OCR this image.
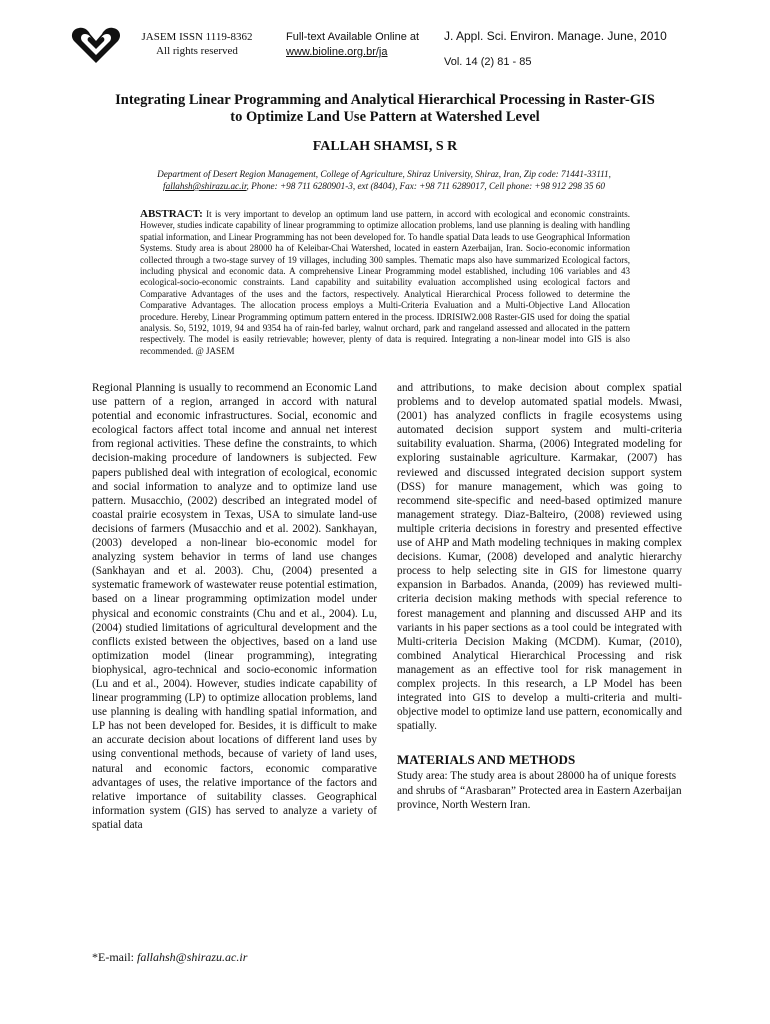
JASEM ISSN 1119-8362
All rights reserved
Full-text Available Online at
www.bioline.org.br/ja
J. Appl. Sci. Environ. Manage. June, 2010
Vol. 14 (2) 81 - 85
Integrating Linear Programming and Analytical Hierarchical Processing in Raster-GIS
to Optimize Land Use Pattern at Watershed Level
FALLAH SHAMSI, S R
Department of Desert Region Management, College of Agriculture, Shiraz University, Shiraz, Iran, Zip code: 71441-33111,
fallahsh@shirazu.ac.ir, Phone: +98 711 6280901-3, ext (8404), Fax: +98 711 6289017, Cell phone: +98 912 298 35 60
ABSTRACT: It is very important to develop an optimum land use pattern, in accord with ecological and economic constraints. However, studies indicate capability of linear programming to optimize allocation problems, land use planning is dealing with handling spatial information, and Linear Programming has not been developed for. To handle spatial Data leads to use Geographical Information Systems. Study area is about 28000 ha of Keleibar-Chai Watershed, located in eastern Azerbaijan, Iran. Socio-economic information collected through a two-stage survey of 19 villages, including 300 samples. Thematic maps also have summarized Ecological factors, including physical and economic data. A comprehensive Linear Programming model established, including 106 variables and 43 ecological-socio-economic constraints. Land capability and suitability evaluation accomplished using ecological factors and Comparative Advantages of the uses and the factors, respectively. Analytical Hierarchical Process followed to determine the Comparative Advantages. The allocation process employs a Multi-Criteria Evaluation and a Multi-Objective Land Allocation procedure. Hereby, Linear Programming optimum pattern entered in the process. IDRISIW2.008 Raster-GIS used for doing the spatial analysis. So, 5192, 1019, 94 and 9354 ha of rain-fed barley, walnut orchard, park and rangeland assessed and allocated in the pattern respectively. The model is easily retrievable; however, plenty of data is required. Integrating a non-linear model into GIS is also recommended. @ JASEM

Regional Planning is usually to recommend an Economic Land use pattern of a region, arranged in accord with natural potential and economic infrastructures. Social, economic and ecological factors affect total income and annual net interest from regional activities. These define the constraints, to which decision-making procedure of landowners is subjected. Few papers published deal with integration of ecological, economic and social information to analyze and to optimize land use pattern. Musacchio, (2002) described an integrated model of coastal prairie ecosystem in Texas, USA to simulate land-use decisions of farmers (Musacchio and et al. 2002). Sankhayan, (2003) developed a non-linear bio-economic model for analyzing system behavior in terms of land use changes (Sankhayan and et al. 2003). Chu, (2004) presented a systematic framework of wastewater reuse potential estimation, based on a linear programming optimization model under physical and economic constraints (Chu and et al., 2004). Lu, (2004) studied limitations of agricultural development and the conflicts existed between the objectives, based on a land use optimization model (linear programming), integrating biophysical, agro-technical and socio-economic information (Lu and et al., 2004). However, studies indicate capability of linear programming (LP) to optimize allocation problems, land use planning is dealing with handling spatial information, and LP has not been developed for. Besides, it is difficult to make an accurate decision about locations of different land uses by using conventional methods, because of variety of land uses, natural and economic factors, economic comparative advantages of uses, the relative importance of the factors and relative importance of suitability classes. Geographical information system (GIS) has served to analyze a variety of spatial data

and attributions, to make decision about complex spatial problems and to develop automated spatial models. Mwasi, (2001) has analyzed conflicts in fragile ecosystems using automated decision support system and multi-criteria suitability evaluation. Sharma, (2006) Integrated modeling for exploring sustainable agriculture. Karmakar, (2007) has reviewed and discussed integrated decision support system (DSS) for manure management, which was going to recommend site-specific and need-based optimized manure management strategy. Diaz-Balteiro, (2008) reviewed using multiple criteria decisions in forestry and presented effective use of AHP and Math modeling techniques in making complex decisions. Kumar, (2008) developed and analytic hierarchy process to help selecting site in GIS for limestone quarry expansion in Barbados. Ananda, (2009) has reviewed multi-criteria decision making methods with special reference to forest management and planning and discussed AHP and its variants in his paper sections as a tool could be integrated with Multi-criteria Decision Making (MCDM). Kumar, (2010), combined Analytical Hierarchical Processing and risk management as an effective tool for risk management in complex projects. In this research, a LP Model has been integrated into GIS to develop a multi-criteria and multi-objective model to optimize land use pattern, economically and spatially.

MATERIALS AND METHODS

Study area: The study area is about 28000 ha of unique forests and shrubs of “Arasbaran” Protected area in Eastern Azerbaijan province, North Western Iran.

*E-mail: fallahsh@shirazu.ac.ir
